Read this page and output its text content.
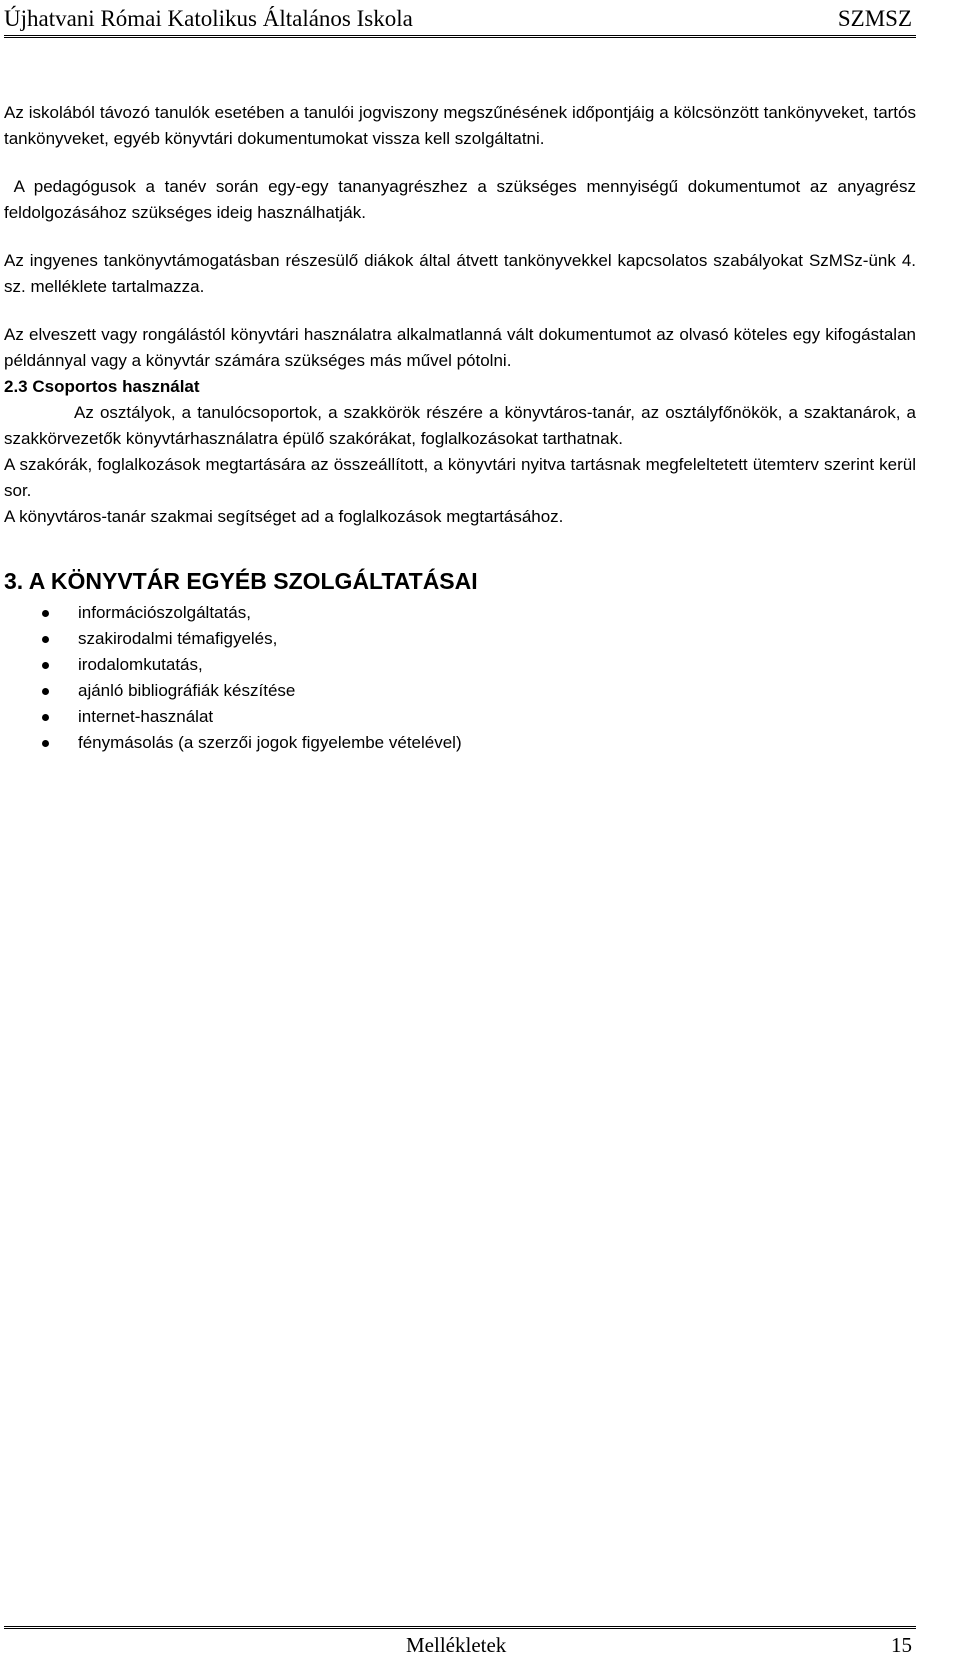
Újhatvani Római Katolikus Általános Iskola	SZMSZ

Az iskolából távozó tanulók esetében a tanulói jogviszony megszűnésének időpontjáig a kölcsönzött tankönyveket, tartós tankönyveket, egyéb könyvtári dokumentumokat vissza kell szolgáltatni.

A pedagógusok a tanév során egy-egy tananyagrészhez a szükséges mennyiségű dokumentumot az anyagrész feldolgozásához szükséges ideig használhatják.

Az ingyenes tankönyvtámogatásban részesülő diákok által átvett tankönyvekkel kapcsolatos szabályokat SzMSz-ünk 4. sz. melléklete tartalmazza.

Az elveszett vagy rongálástól könyvtári használatra alkalmatlanná vált dokumentumot az olvasó köteles egy kifogástalan példánnyal vagy a könyvtár számára szükséges más művel pótolni.

2.3 Csoportos használat

Az osztályok, a tanulócsoportok, a szakkörök részére a könyvtáros-tanár, az osztályfőnökök, a szaktanárok, a szakkörvezetők könyvtárhasználatra épülő szakórákat, foglalkozásokat tarthatnak.

A szakórák, foglalkozások megtartására az összeállított, a könyvtári nyitva tartásnak megfeleltetett ütemterv szerint kerül sor.

A könyvtáros-tanár szakmai segítséget ad a foglalkozások megtartásához.

3. A KÖNYVTÁR EGYÉB SZOLGÁLTATÁSAI
információszolgáltatás,
szakirodalmi témafigyelés,
irodalomkutatás,
ajánló bibliográfiák készítése
internet-használat
fénymásolás (a szerzői jogok figyelembe vételével)
Mellékletek	15
